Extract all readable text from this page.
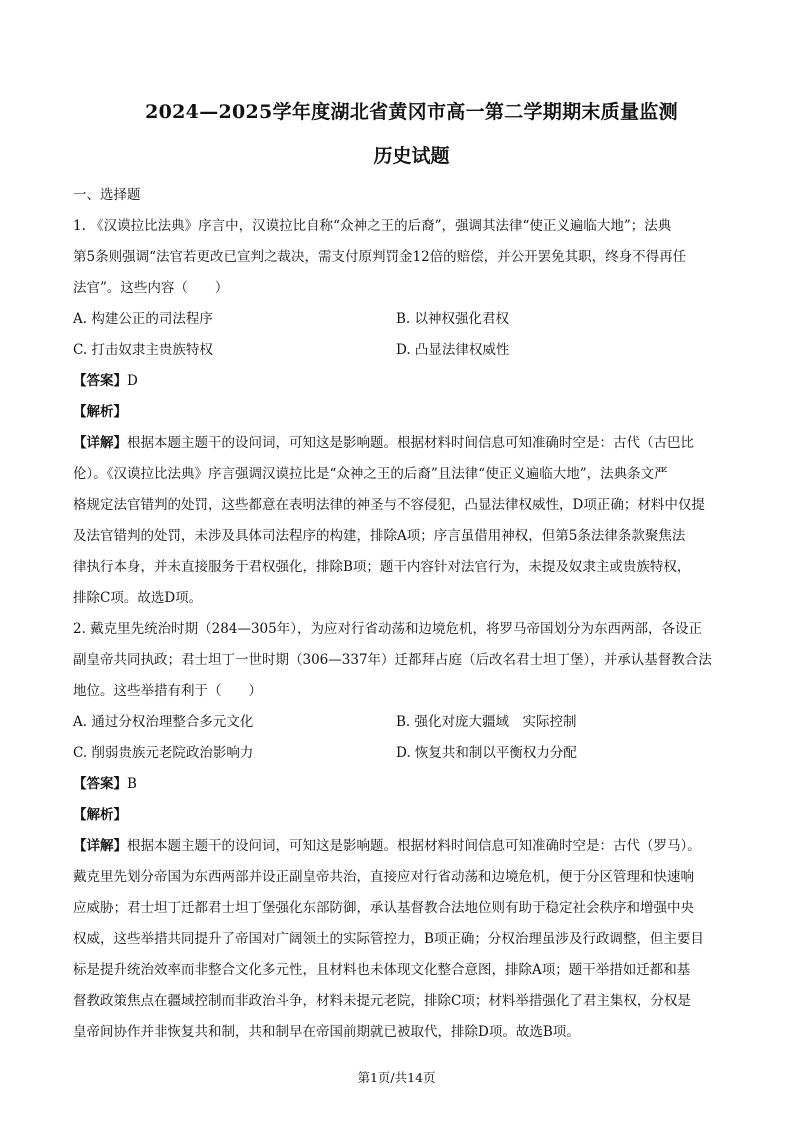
2024—2025学年度湖北省黄冈市高一第二学期期末质量监测
历史试题
一、选择题

1. 《汉谟拉比法典》序言中，汉谟拉比自称“众神之王的后裔”，强调其法律“使正义遍临大地”；法典

第5条则强调“法官若更改已宣判之裁决，需支付原判罚金12倍的赔偿，并公开罢免其职，终身不得再任

法官”。这些内容（　　）

A. 构建公正的司法程序	B. 以神权强化君权
C. 打击奴隶主贵族特权	D. 凸显法律权威性
【答案】D
【解析】

【详解】根据本题主题干的设问词，可知这是影响题。根据材料时间信息可知准确时空是：古代（古巴比

伦）。《汉谟拉比法典》序言强调汉谟拉比是“众神之王的后裔”且法律“使正义遍临大地”，法典条文严

格规定法官错判的处罚，这些都意在表明法律的神圣与不容侵犯，凸显法律权威性，D项正确；材料中仅提

及法官错判的处罚，未涉及具体司法程序的构建，排除A项；序言虽借用神权，但第5条法律条款聚焦法

律执行本身，并未直接服务于君权强化，排除B项；题干内容针对法官行为，未提及奴隶主或贵族特权，

排除C项。故选D项。

2. 戴克里先统治时期（284—305年），为应对行省动荡和边境危机，将罗马帝国划分为东西两部，各设正

副皇帝共同执政；君士坦丁一世时期（306—337年）迁都拜占庭（后改名君士坦丁堡），并承认基督教合法

地位。这些举措有利于（　　）

A. 通过分权治理整合多元文化	B. 强化对庞大疆域　实际控制
C. 削弱贵族元老院政治影响力	D. 恢复共和制以平衡权力分配
【答案】B
【解析】

【详解】根据本题主题干的设问词，可知这是影响题。根据材料时间信息可知准确时空是：古代（罗马）。

戴克里先划分帝国为东西两部并设正副皇帝共治，直接应对行省动荡和边境危机，便于分区管理和快速响

应威胁；君士坦丁迁都君士坦丁堡强化东部防御，承认基督教合法地位则有助于稳定社会秩序和增强中央

权威，这些举措共同提升了帝国对广阔领土的实际管控力，B项正确；分权治理虽涉及行政调整，但主要目

标是提升统治效率而非整合文化多元性，且材料也未体现文化整合意图，排除A项；题干举措如迁都和基

督教政策焦点在疆域控制而非政治斗争，材料未提元老院，排除C项；材料举措强化了君主集权，分权是

皇帝间协作并非恢复共和制，共和制早在帝国前期就已被取代，排除D项。故选B项。

第1页/共14页
